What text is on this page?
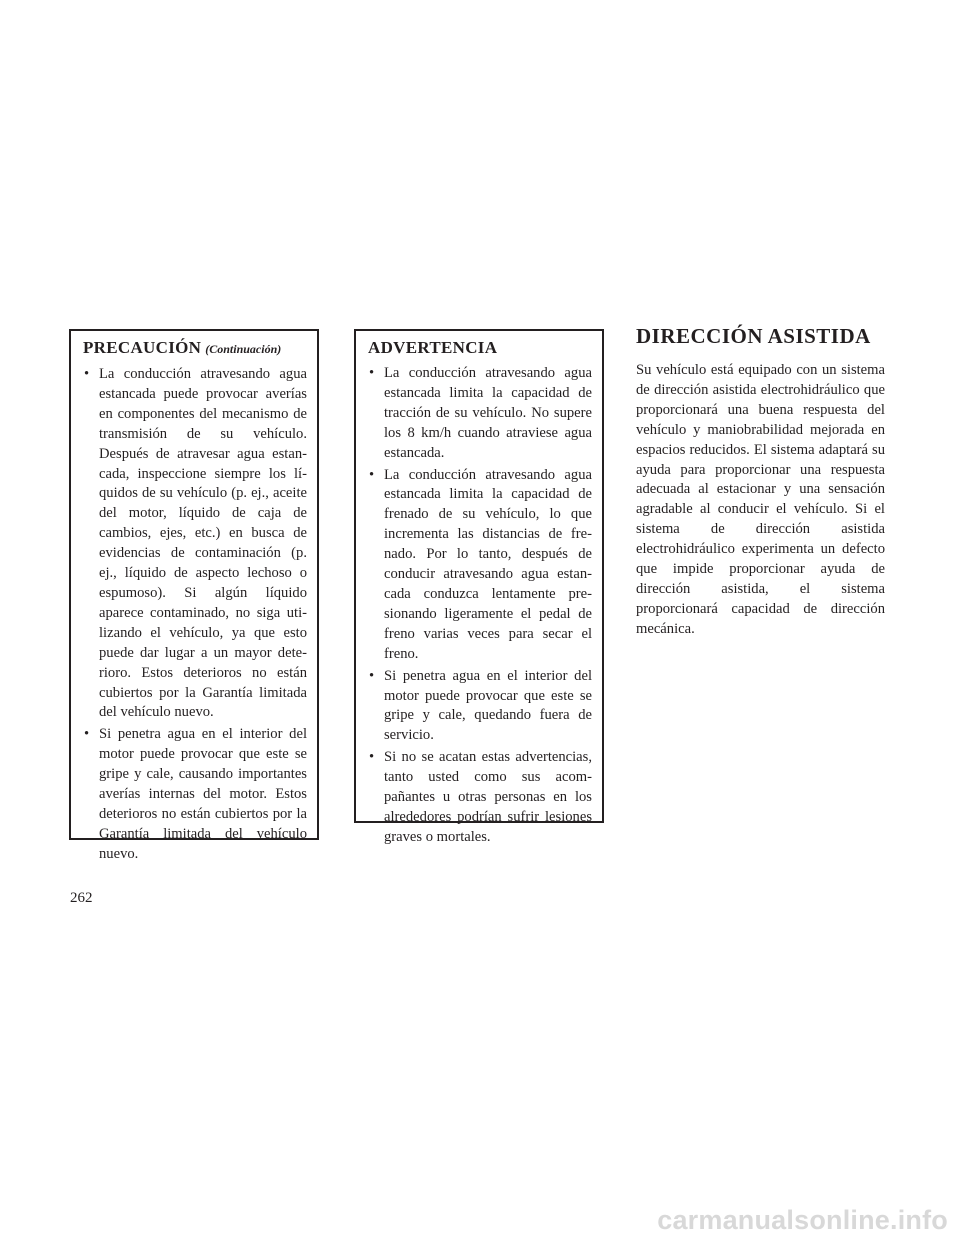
PRECAUCIÓN (Continuación)
• La conducción atravesando agua estancada puede provocar averías en componentes del mecanismo de transmisión de su vehículo. Después de atravesar agua estancada, inspeccione siempre los líquidos de su vehículo (p. ej., aceite del motor, líquido de caja de cambios, ejes, etc.) en busca de evidencias de contaminación (p. ej., líquido de aspecto lechoso o espumoso). Si algún líquido aparece contaminado, no siga utilizando el vehículo, ya que esto puede dar lugar a un mayor deterioro. Estos deterioros no están cubiertos por la Garantía limitada del vehículo nuevo.
• Si penetra agua en el interior del motor puede provocar que este se gripe y cale, causando importantes averías internas del motor. Estos deterioros no están cubiertos por la Garantía limitada del vehículo nuevo.
ADVERTENCIA
• La conducción atravesando agua estancada limita la capacidad de tracción de su vehículo. No supere los 8 km/h cuando atraviese agua estancada.
• La conducción atravesando agua estancada limita la capacidad de frenado de su vehículo, lo que incrementa las distancias de frenado. Por lo tanto, después de conducir atravesando agua estancada conduzca lentamente presionando ligeramente el pedal de freno varias veces para secar el freno.
• Si penetra agua en el interior del motor puede provocar que este se gripe y cale, quedando fuera de servicio.
• Si no se acatan estas advertencias, tanto usted como sus acompañantes u otras personas en los alrededores podrían sufrir lesiones graves o mortales.
DIRECCIÓN ASISTIDA

Su vehículo está equipado con un sistema de dirección asistida electrohidráulico que proporcionará una buena respuesta del vehículo y maniobrabilidad mejorada en espacios reducidos. El sistema adaptará su ayuda para proporcionar una respuesta adecuada al estacionar y una sensación agradable al conducir el vehículo. Si el sistema de dirección asistida electrohidráulico experimenta un defecto que impide proporcionar ayuda de dirección asistida, el sistema proporcionará capacidad de dirección mecánica.

262
carmanualsonline.info
